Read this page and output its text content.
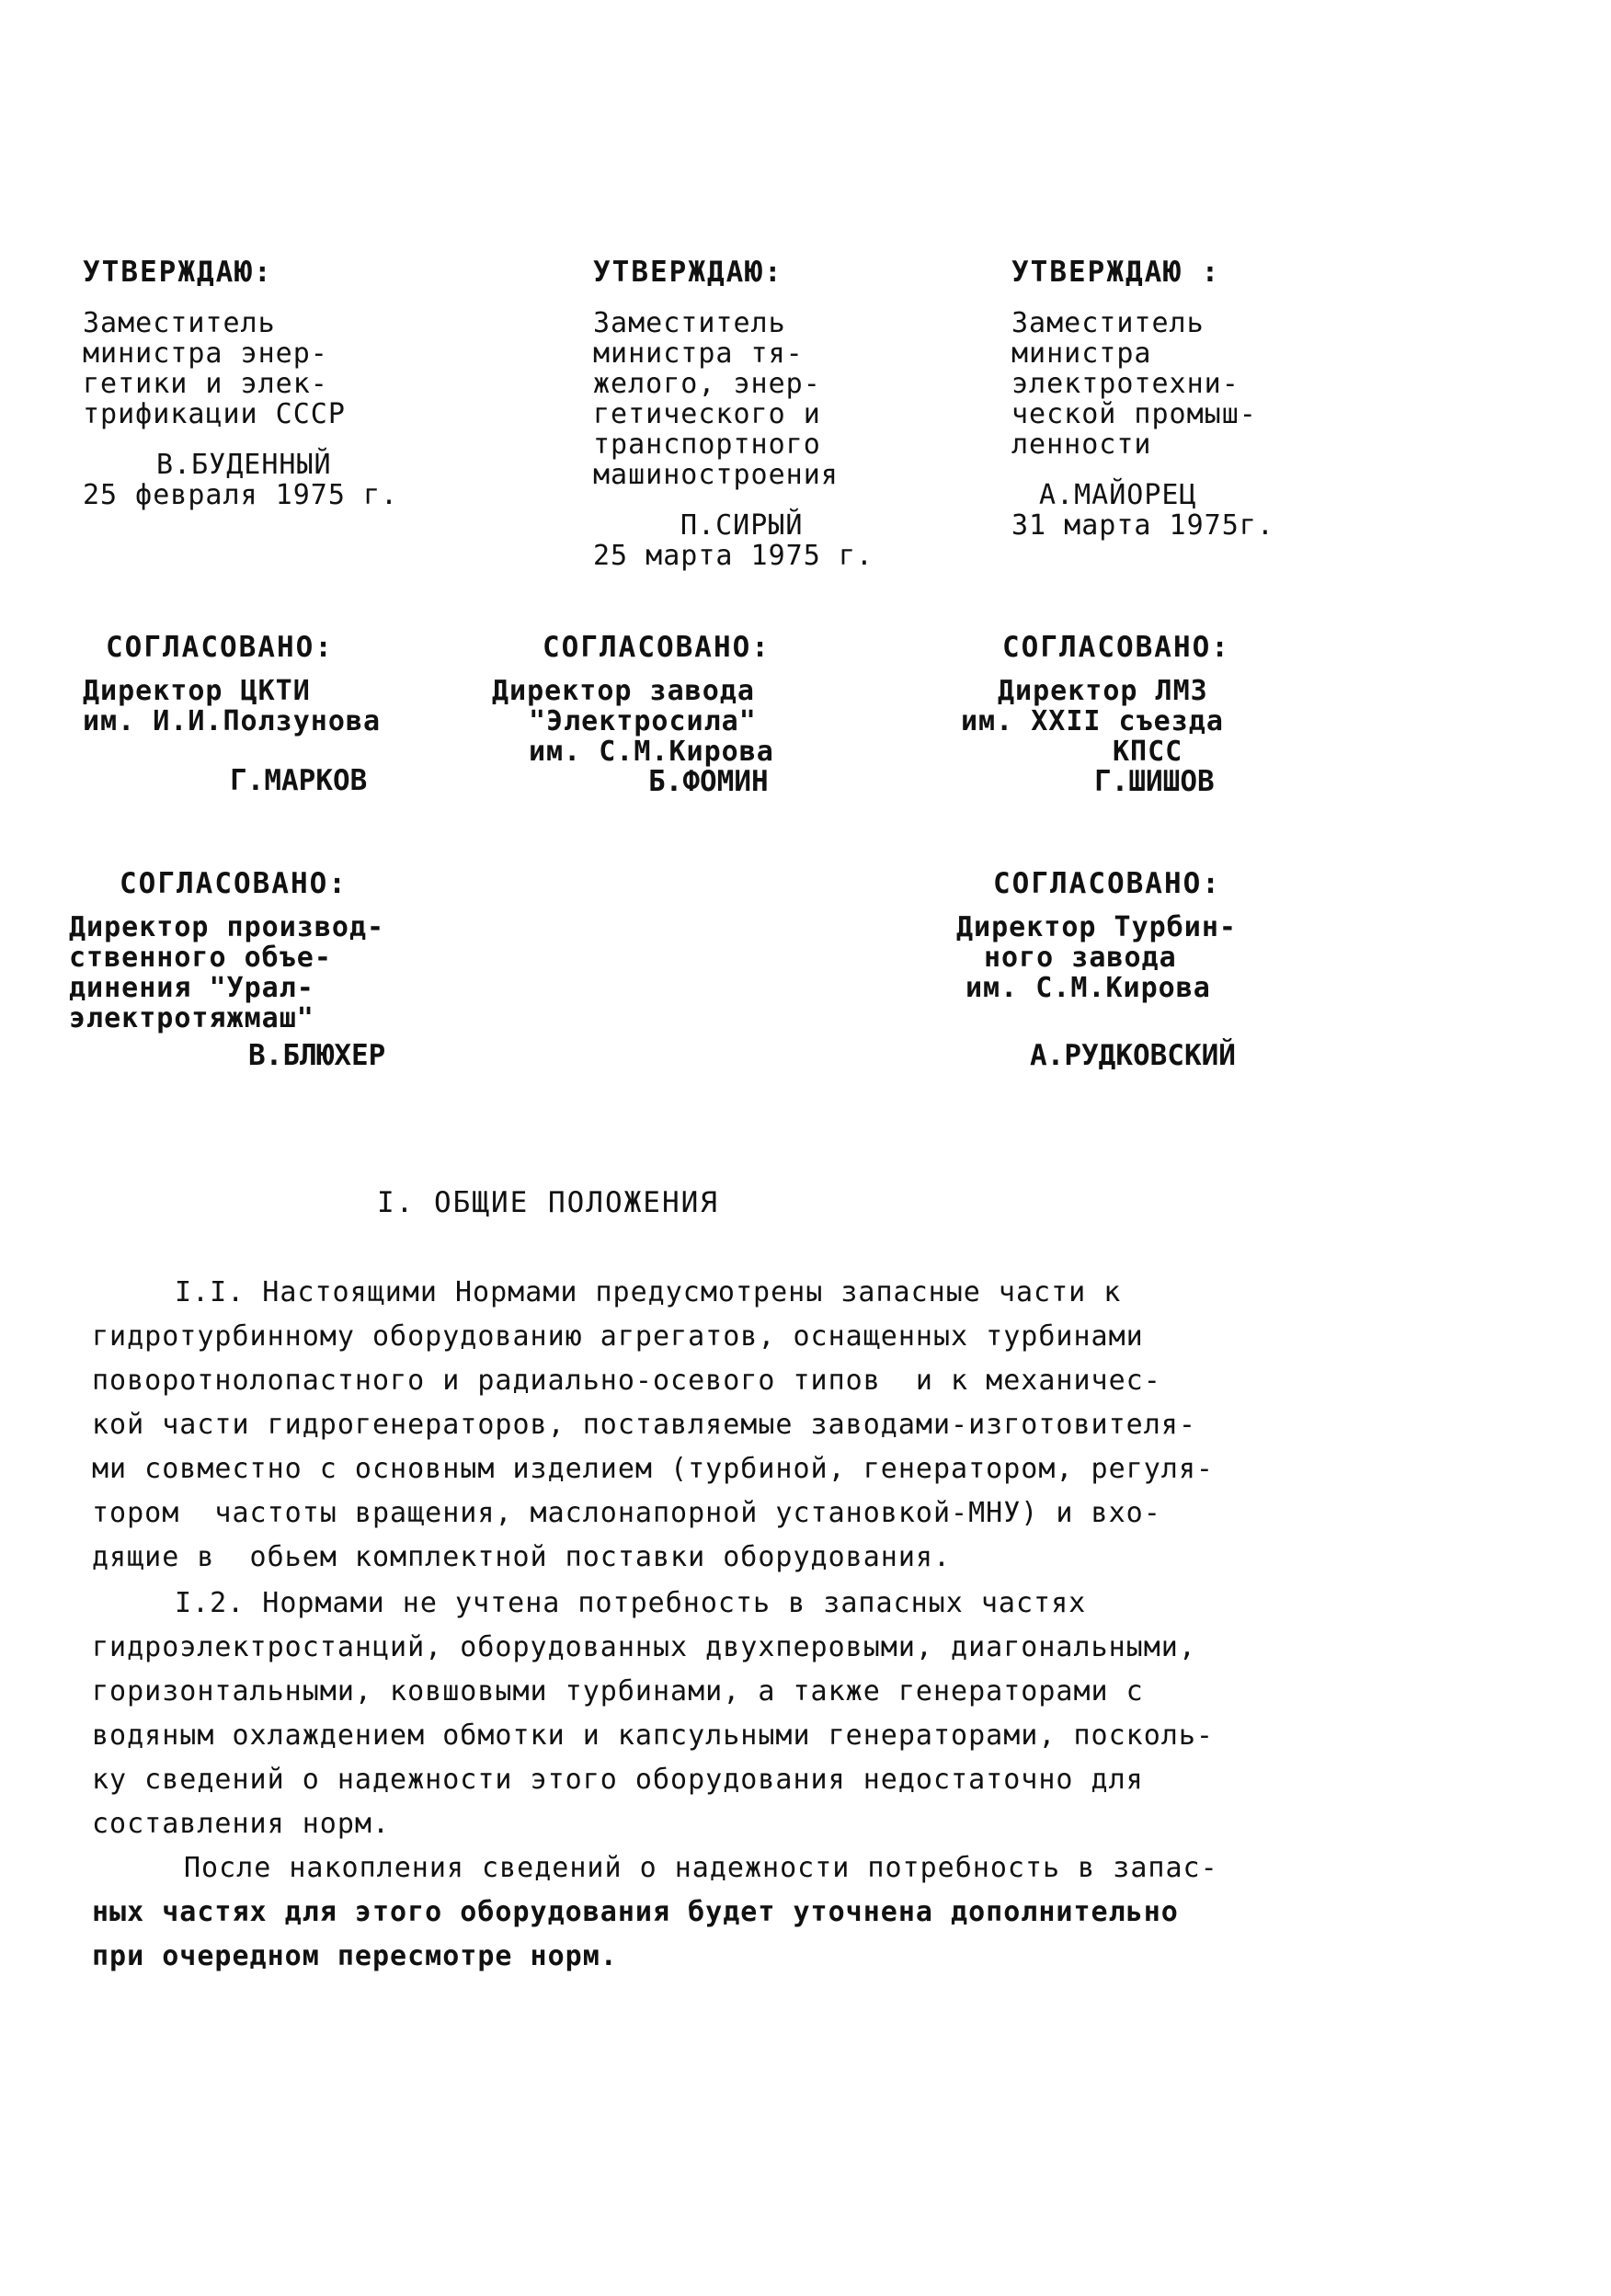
УТВЕРЖДАЮ:
Заместитель
министра энер-
гетики и элек-
трификации СССР
В.БУДЕННЫЙ
25 февраля 1975 г.
УТВЕРЖДАЮ:
Заместитель
министра тя-
желого, энер-
гетического и
транспортного
машиностроения
П.СИРЫЙ
25 марта 1975 г.
УТВЕРЖДАЮ :
Заместитель
министра
электротехни-
ческой промыш-
ленности
А.МАЙОРЕЦ
31 марта 1975г.
СОГЛАСОВАНО:
Директор ЦКТИ
им. И.И.Ползунова
Г.МАРКОВ
СОГЛАСОВАНО:
Директор завода
"Электросила"
им. С.М.Кирова
Б.ФОМИН
СОГЛАСОВАНО:
Директор ЛМЗ
им. XXII съезда
КПСС
Г.ШИШОВ
СОГЛАСОВАНО:
Директор производ-
ственного объе-
динения "Урал-
электротяжмаш"
В.БЛЮХЕР
СОГЛАСОВАНО:
Директор Турбин-
ного завода
им. С.М.Кирова
А.РУДКОВСКИЙ
I. ОБЩИЕ ПОЛОЖЕНИЯ
I.I. Настоящими Нормами предусмотрены запасные части к
гидротурбинному оборудованию агрегатов, оснащенных турбинами
поворотнолопастного и радиально-осевого типов  и к механичес-
кой части гидрогенераторов, поставляемые заводами-изготовителя-
ми совместно с основным изделием (турбиной, генератором, регуля-
тором  частоты вращения, маслонапорной установкой-МНУ) и вхо-
дящие в  обьем комплектной поставки оборудования.
I.2. Нормами не учтена потребность в запасных частях
гидроэлектростанций, оборудованных двухперовыми, диагональными,
горизонтальными, ковшовыми турбинами, а также генераторами с
водяным охлаждением обмотки и капсульными генераторами, посколь-
ку сведений о надежности этого оборудования недостаточно для
составления норм.
После накопления сведений о надежности потребность в запас-
ных частях для этого оборудования будет уточнена дополнительно
при очередном пересмотре норм.
